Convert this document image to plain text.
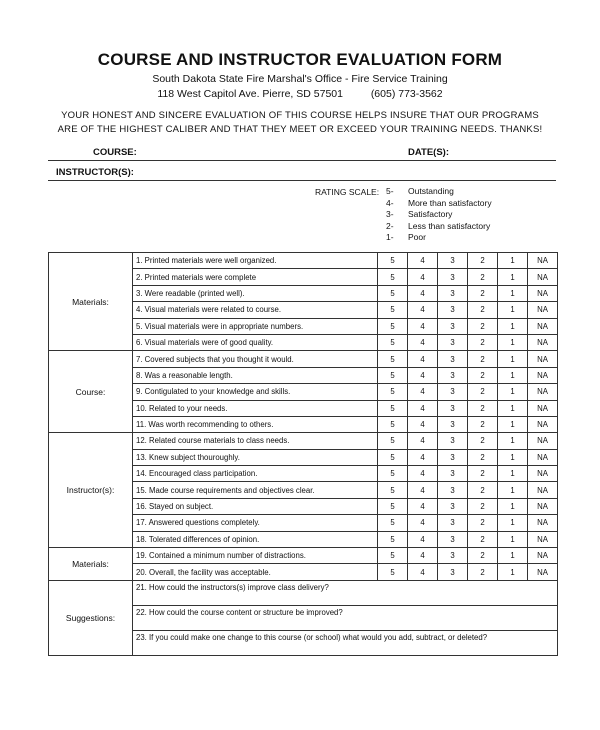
COURSE AND INSTRUCTOR EVALUATION FORM
South Dakota State Fire Marshal's Office - Fire Service Training
118 West Capitol Ave. Pierre, SD 57501	(605) 773-3562
YOUR HONEST AND SINCERE EVALUATION OF THIS COURSE HELPS INSURE THAT OUR PROGRAMS
ARE OF THE HIGHEST CALIBER AND THAT THEY MEET OR EXCEED YOUR TRAINING NEEDS. THANKS!
COURSE:	DATE(S):
INSTRUCTOR(S):
RATING SCALE: 5- Outstanding
4- More than satisfactory
3- Satisfactory
2- Less than satisfactory
1- Poor
Materials:	1. Printed materials were well organized.	5	4	3	2	1	NA
	2. Printed materials were complete	5	4	3	2	1	NA
	3. Were readable (printed well).	5	4	3	2	1	NA
	4. Visual materials were related to course.	5	4	3	2	1	NA
	5. Visual materials were in appropriate numbers.	5	4	3	2	1	NA
	6. Visual materials were of good quality.	5	4	3	2	1	NA
Course:	7. Covered subjects that you thought it would.	5	4	3	2	1	NA
	8. Was a reasonable length.	5	4	3	2	1	NA
	9. Contigulated to your knowledge and skills.	5	4	3	2	1	NA
	10. Related to your needs.	5	4	3	2	1	NA
	11. Was worth recommending to others.	5	4	3	2	1	NA
Instructor(s):	12. Related course materials to class needs.	5	4	3	2	1	NA
	13. Knew subject thouroughly.	5	4	3	2	1	NA
	14. Encouraged class participation.	5	4	3	2	1	NA
	15. Made course requirements and objectives clear.	5	4	3	2	1	NA
	16. Stayed on subject.	5	4	3	2	1	NA
	17. Answered questions completely.	5	4	3	2	1	NA
	18. Tolerated differences of opinion.	5	4	3	2	1	NA
Materials:	19. Contained a minimum number of distractions.	5	4	3	2	1	NA
	20. Overall, the facility was acceptable.	5	4	3	2	1	NA
Suggestions:	21. How could the instructors(s) improve class delivery?						
	22. How could the course content or structure be improved?						
	23. If you could make one change to this course (or school) what would you add, subtract, or deleted?						
